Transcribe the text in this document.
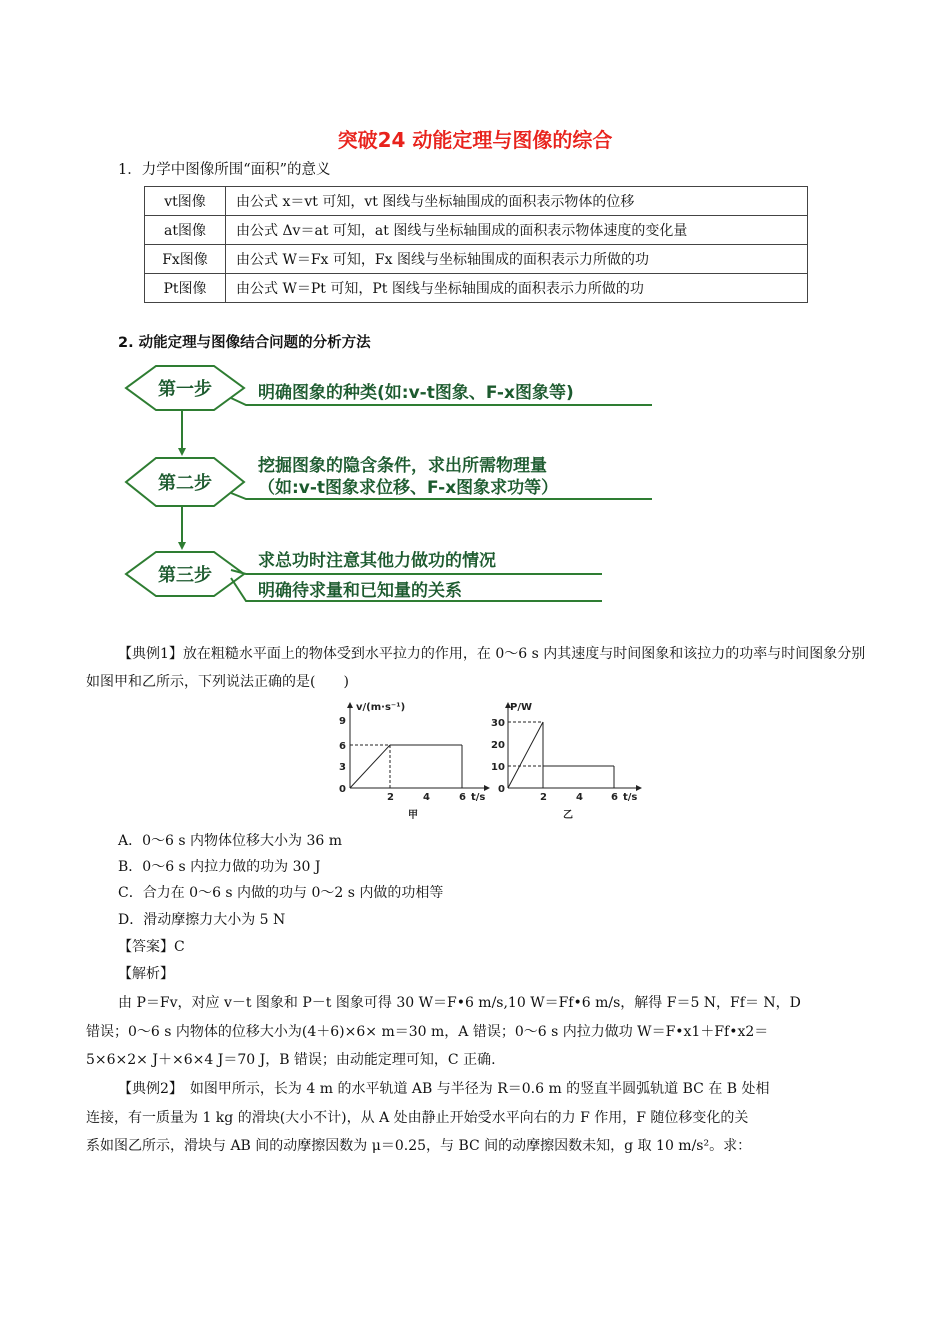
突破24 动能定理与图像的综合
1．力学中图像所围“面积”的意义
vt图像	由公式 x＝vt 可知，vt 图线与坐标轴围成的面积表示物体的位移
at图像	由公式 Δv＝at 可知，at 图线与坐标轴围成的面积表示物体速度的变化量
Fx图像	由公式 W＝Fx 可知，Fx 图线与坐标轴围成的面积表示力所做的功
Pt图像	由公式 W＝Pt 可知，Pt 图线与坐标轴围成的面积表示力所做的功
2. 动能定理与图像结合问题的分析方法
第一步	明确图象的种类(如:v-t图象、F-x图象等)
第二步
挖掘图象的隐含条件，求出所需物理量
（如:v-t图象求位移、F-x图象求功等）
第三步
求总功时注意其他力做功的情况
明确待求量和已知量的关系
【典例1】放在粗糙水平面上的物体受到水平拉力的作用，在 0～6 s 内其速度与时间图象和该拉力的功率与时间图象分别如图甲和乙所示，下列说法正确的是(　　)
v/(m·s⁻¹)
9
6
3
0
2	4	6 t/s
甲
P/W
30
20
10
0
2	4	6 t/s
乙
A．0～6 s 内物体位移大小为 36 m
B．0～6 s 内拉力做的功为 30 J
C．合力在 0～6 s 内做的功与 0～2 s 内做的功相等
D．滑动摩擦力大小为 5 N
【答案】C
【解析】
由 P＝Fv，对应 v－t 图象和 P－t 图象可得 30 W＝F•6 m/s,10 W＝Ff•6 m/s，解得 F＝5 N，Ff＝ N，D
错误；0～6 s 内物体的位移大小为(4＋6)×6× m＝30 m，A 错误；0～6 s 内拉力做功 W＝F•x1＋Ff•x2＝
5×6×2× J＋×6×4 J＝70 J，B 错误；由动能定理可知，C 正确.
【典例2】　如图甲所示，长为 4 m 的水平轨道 AB 与半径为 R＝0.6 m 的竖直半圆弧轨道 BC 在 B 处相
连接，有一质量为 1 kg 的滑块(大小不计)，从 A 处由静止开始受水平向右的力 F 作用，F 随位移变化的关
系如图乙所示，滑块与 AB 间的动摩擦因数为 μ＝0.25，与 BC 间的动摩擦因数未知，g 取 10 m/s²。求：
